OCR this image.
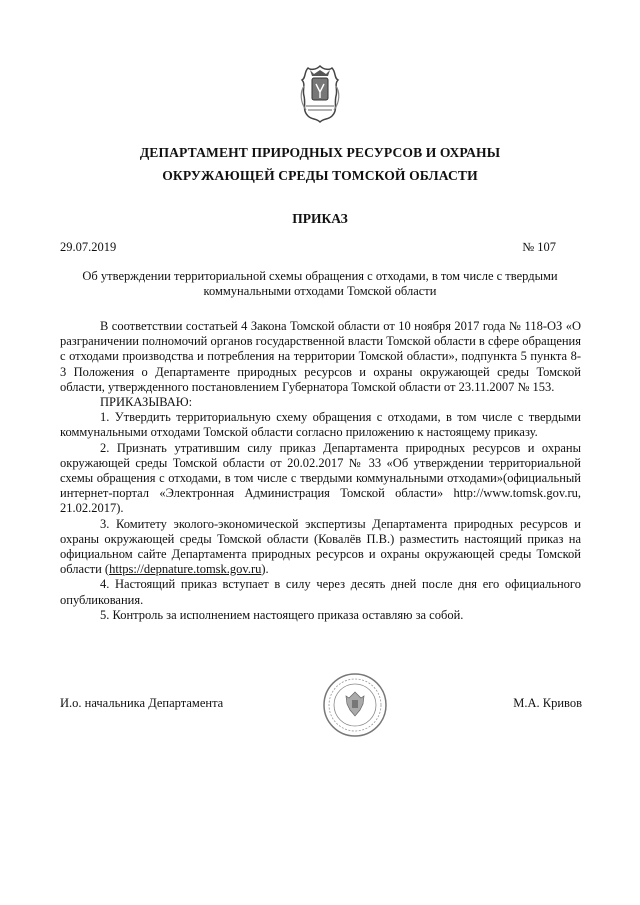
ДЕПАРТАМЕНТ ПРИРОДНЫХ РЕСУРСОВ И ОХРАНЫ
ОКРУЖАЮЩЕЙ СРЕДЫ ТОМСКОЙ ОБЛАСТИ
ПРИКАЗ
29.07.2019	№ 107
Об утверждении территориальной схемы обращения с отходами, в том числе с твердыми коммунальными отходами Томской области

В соответствии состатьей 4 Закона Томской области от 10 ноября 2017 года № 118-ОЗ «О разграничении полномочий органов государственной власти Томской области в сфере обращения с отходами производства и потребления на территории Томской области», подпункта 5 пункта 8-3 Положения о Департаменте природных ресурсов и охраны окружающей среды Томской области, утвержденного постановлением Губернатора Томской области от 23.11.2007 № 153.

ПРИКАЗЫВАЮ:

1. Утвердить территориальную схему обращения с отходами, в том числе с твердыми коммунальными отходами Томской области согласно приложению к настоящему приказу.

2. Признать утратившим силу приказ Департамента природных ресурсов и охраны окружающей среды Томской области от 20.02.2017 № 33 «Об утверждении территориальной схемы обращения с отходами, в том числе с твердыми коммунальными отходами»(официальный интернет-портал «Электронная Администрация Томской области» http://www.tomsk.gov.ru, 21.02.2017).

3. Комитету эколого-экономической экспертизы Департамента природных ресурсов и охраны окружающей среды Томской области (Ковалёв П.В.) разместить настоящий приказ на официальном сайте Департамента природных ресурсов и охраны окружающей среды Томской области (https://depnature.tomsk.gov.ru).

4. Настоящий приказ вступает в силу через десять дней после дня его официального опубликования.

5. Контроль за исполнением настоящего приказа оставляю за собой.

И.о. начальника Департамента	М.А. Кривов
